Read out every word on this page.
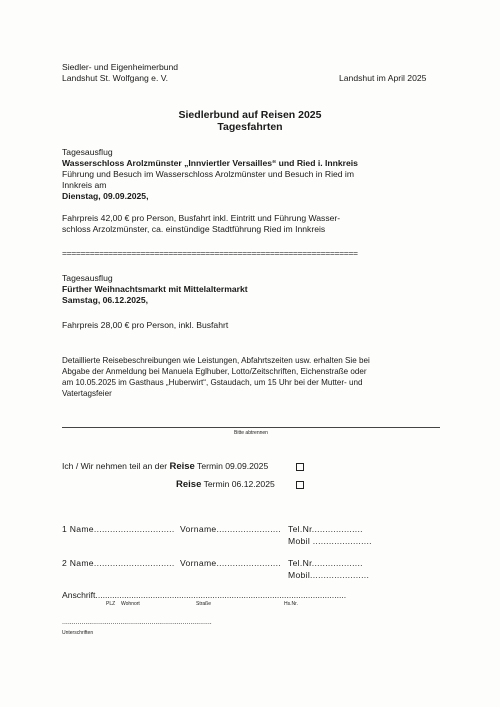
Siedler- und Eigenheimerbund
Landshut St. Wolfgang e. V.	Landshut im April 2025
Siedlerbund auf Reisen 2025
Tagesfahrten
Tagesausflug
Wasserschloss Arolzmünster „Innviertler Versailles“ und Ried i. Innkreis
Führung und Besuch im Wasserschloss Arolzmünster und Besuch in Ried im
Innkreis am
Dienstag, 09.09.2025,
Fahrpreis 42,00 € pro Person, Busfahrt inkl. Eintritt und Führung Wasser-
schloss Arzolzmünster, ca. einstündige Stadtführung Ried im Innkreis
================================================================
Tagesausflug
Fürther Weihnachtsmarkt mit Mittelaltermarkt
Samstag, 06.12.2025,
Fahrpreis 28,00 € pro Person, inkl. Busfahrt
Detaillierte Reisebeschreibungen wie Leistungen, Abfahrtszeiten usw. erhalten Sie bei
Abgabe der Anmeldung bei Manuela Eglhuber, Lotto/Zeitschriften, Eichenstraße oder
am 10.05.2025 im Gasthaus „Huberwirt“, Gstaudach, um 15 Uhr bei der Mutter- und
Vatertagsfeier
Bitte abtrennen
Ich / Wir nehmen teil an der Reise Termin 09.09.2025
Reise Termin 06.12.2025
1 Name.............................. Vorname........................ Tel.Nr...................
Mobil ......................
2 Name.............................. Vorname........................ Tel.Nr...................
Mobil......................
Anschrift.........................................................................................................
PLZ Wohnort	Straße	Hs.Nr.
.............................................................................
Unterschriften
